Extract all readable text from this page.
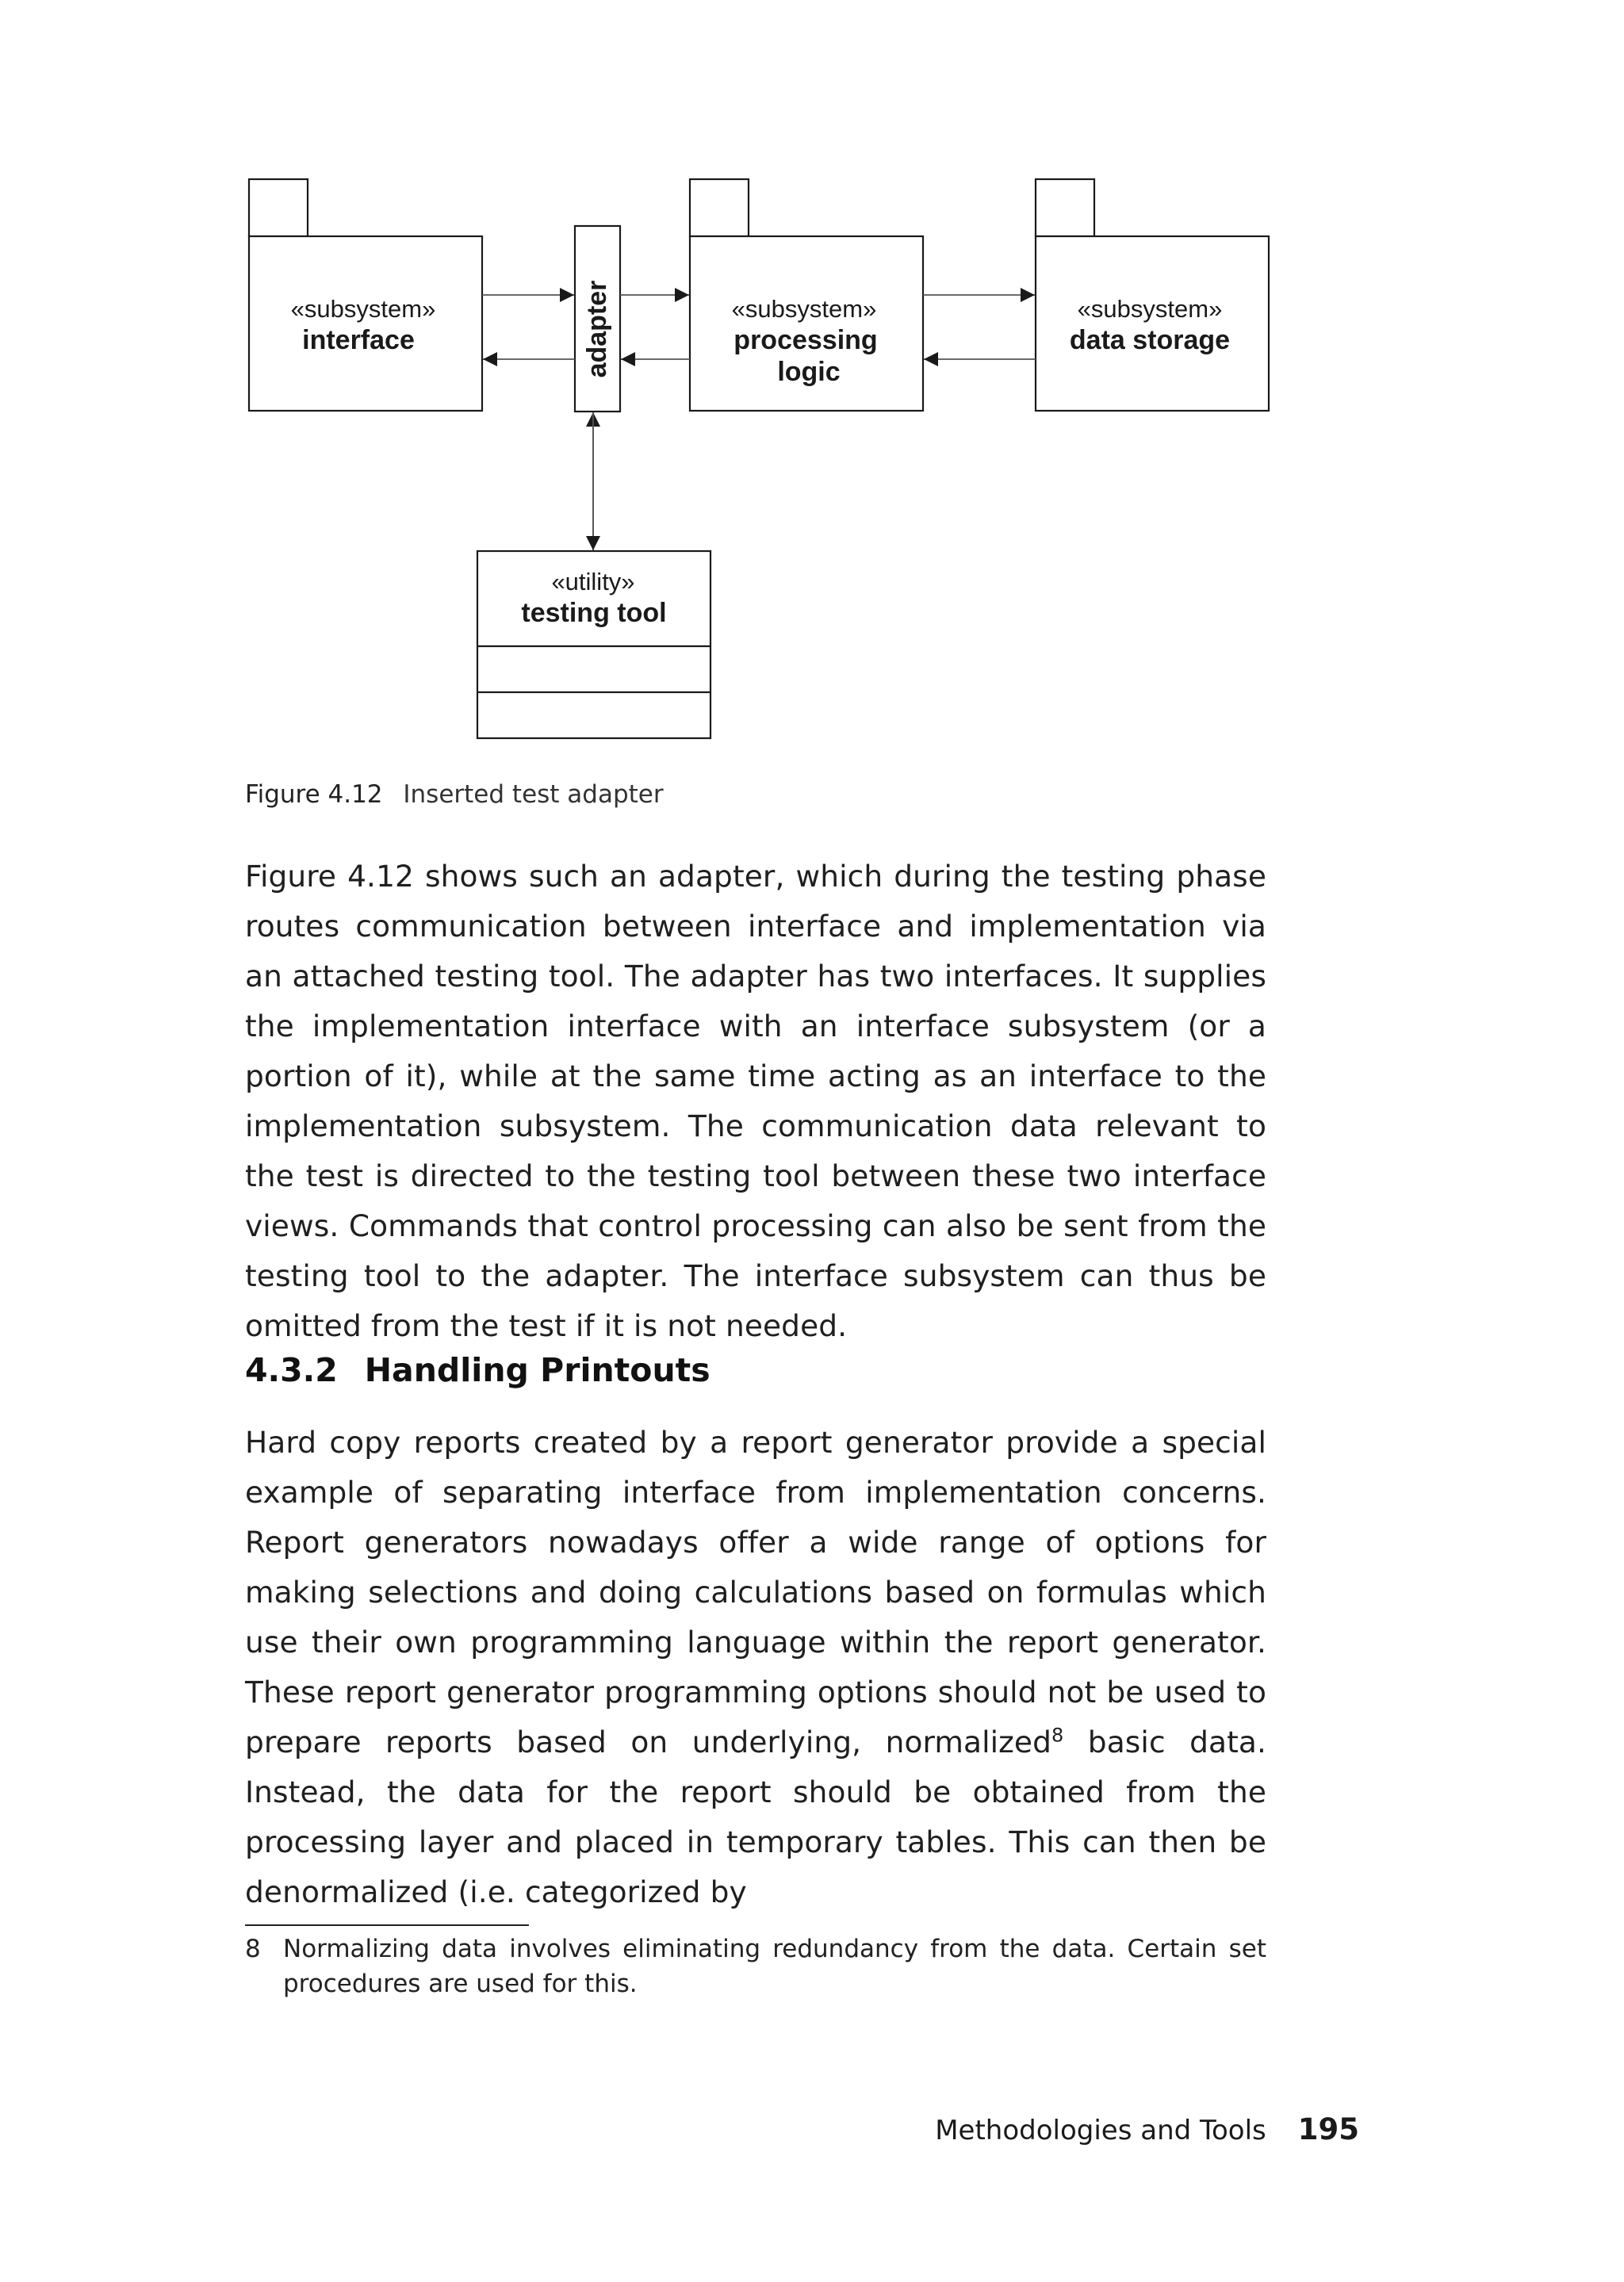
«subsystem»
interface	adapter	«subsystem»
processing
logic
«subsystem»
data storage
«utility»
testing tool
Figure 4.12 Inserted test adapter

Figure 4.12 shows such an adapter, which during the testing phase routes communication between interface and implementation via an attached testing tool. The adapter has two interfaces. It supplies the implementation interface with an interface subsystem (or a portion of it), while at the same time acting as an interface to the implementation subsystem. The communication data relevant to the test is directed to the testing tool between these two interface views. Commands that control processing can also be sent from the testing tool to the adapter. The interface subsystem can thus be omitted from the test if it is not needed.

4.3.2 Handling Printouts

Hard copy reports created by a report generator provide a special example of separating interface from implementation concerns. Report generators nowadays offer a wide range of options for making selections and doing calculations based on formulas which use their own programming language within the report generator. These report generator programming options should not be used to prepare reports based on underlying, normalized$^8$ basic data. Instead, the data for the report should be obtained from the processing layer and placed in temporary tables. This can then be denormalized (i.e. categorized by

8 Normalizing data involves eliminating redundancy from the data. Certain set procedures are used for this.
Methodologies and Tools 195
